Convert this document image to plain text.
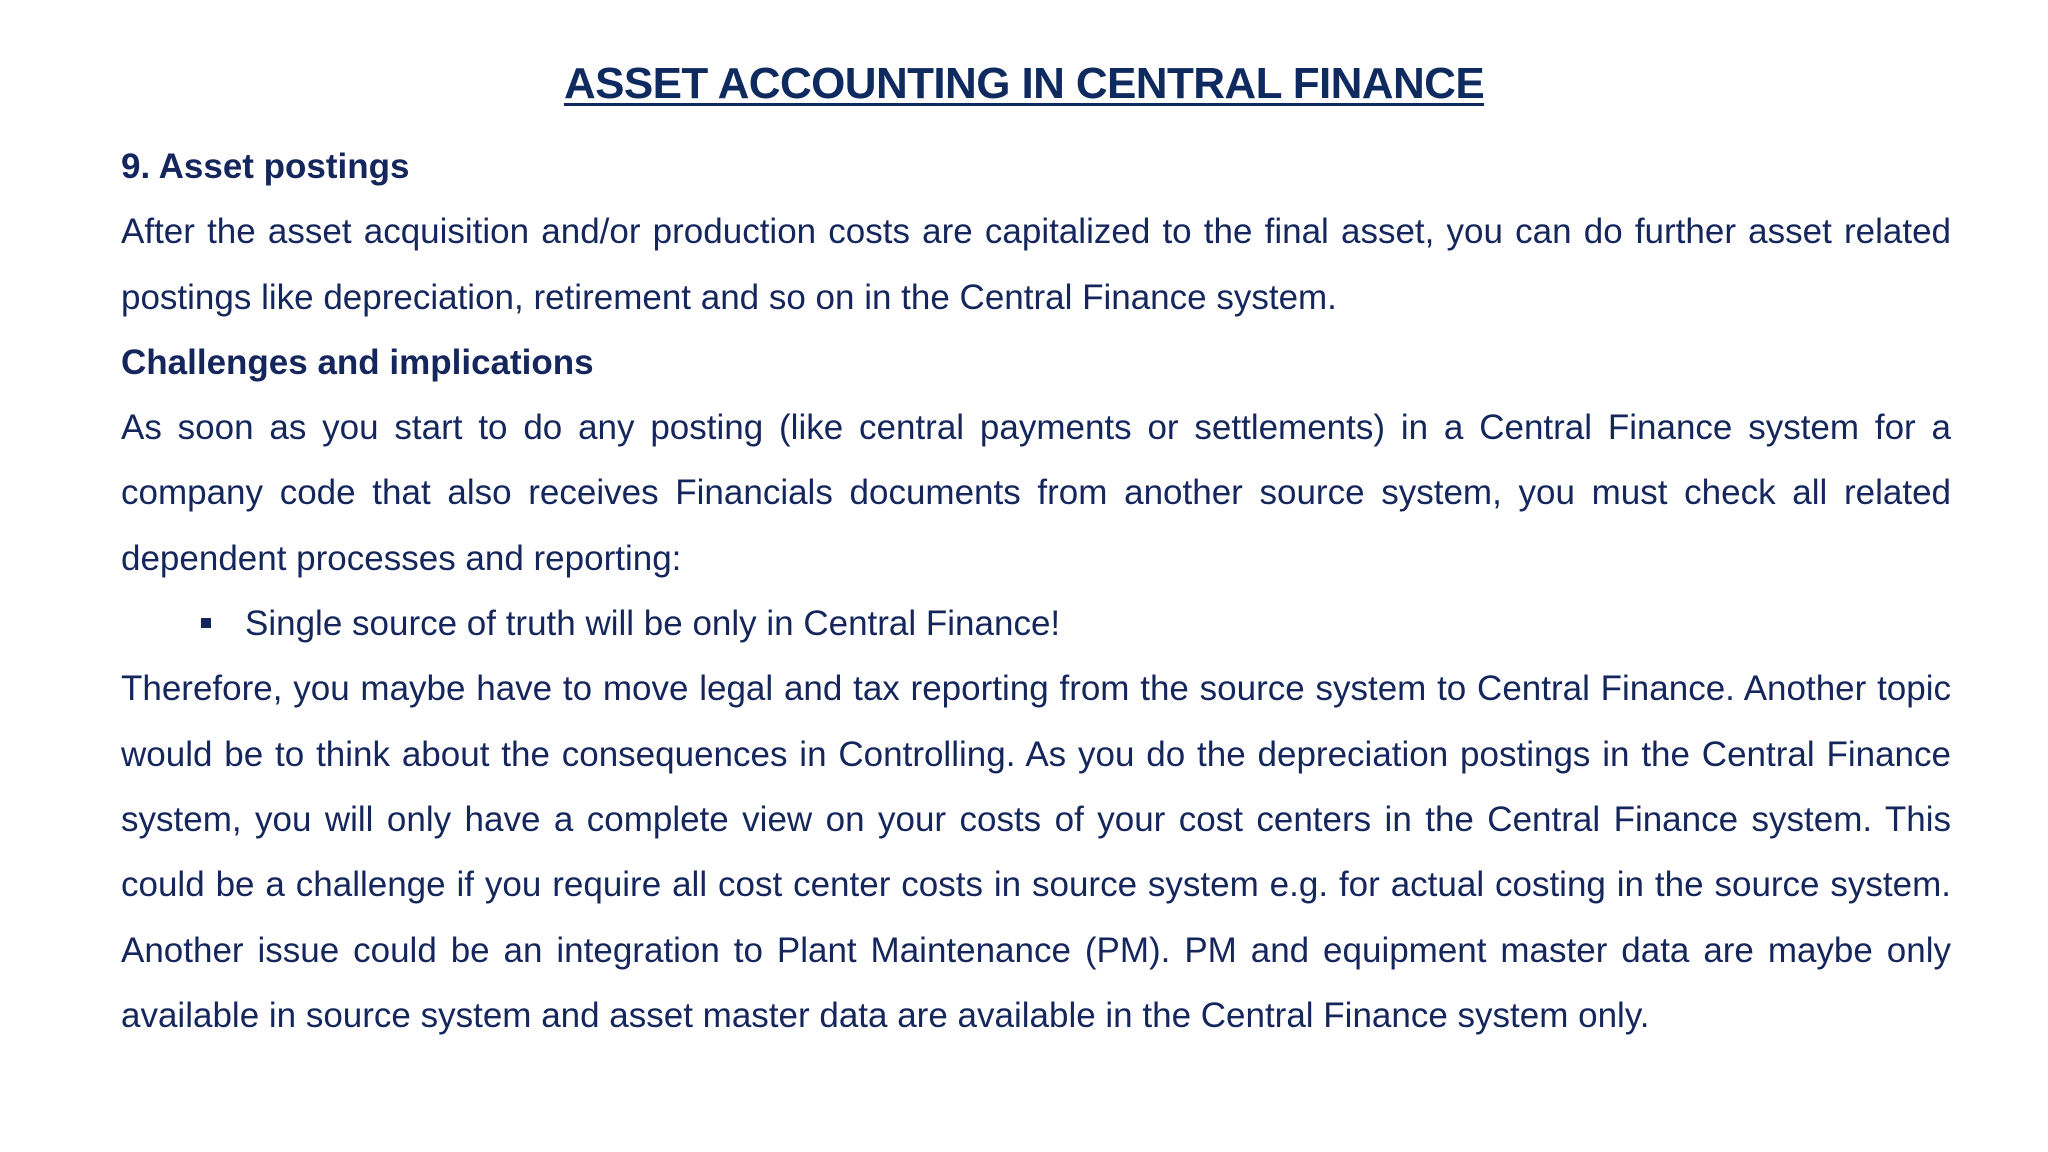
ASSET ACCOUNTING IN CENTRAL FINANCE

9. Asset postings

After the asset acquisition and/or production costs are capitalized to the final asset, you can do further asset related postings like depreciation, retirement and so on in the Central Finance system.

Challenges and implications

As soon as you start to do any posting (like central payments or settlements) in a Central Finance system for a company code that also receives Financials documents from another source system, you must check all related dependent processes and reporting:

Single source of truth will be only in Central Finance!

Therefore, you maybe have to move legal and tax reporting from the source system to Central Finance. Another topic would be to think about the consequences in Controlling. As you do the depreciation postings in the Central Finance system, you will only have a complete view on your costs of your cost centers in the Central Finance system. This could be a challenge if you require all cost center costs in source system e.g. for actual costing in the source system. Another issue could be an integration to Plant Maintenance (PM). PM and equipment master data are maybe only available in source system and asset master data are available in the Central Finance system only.
